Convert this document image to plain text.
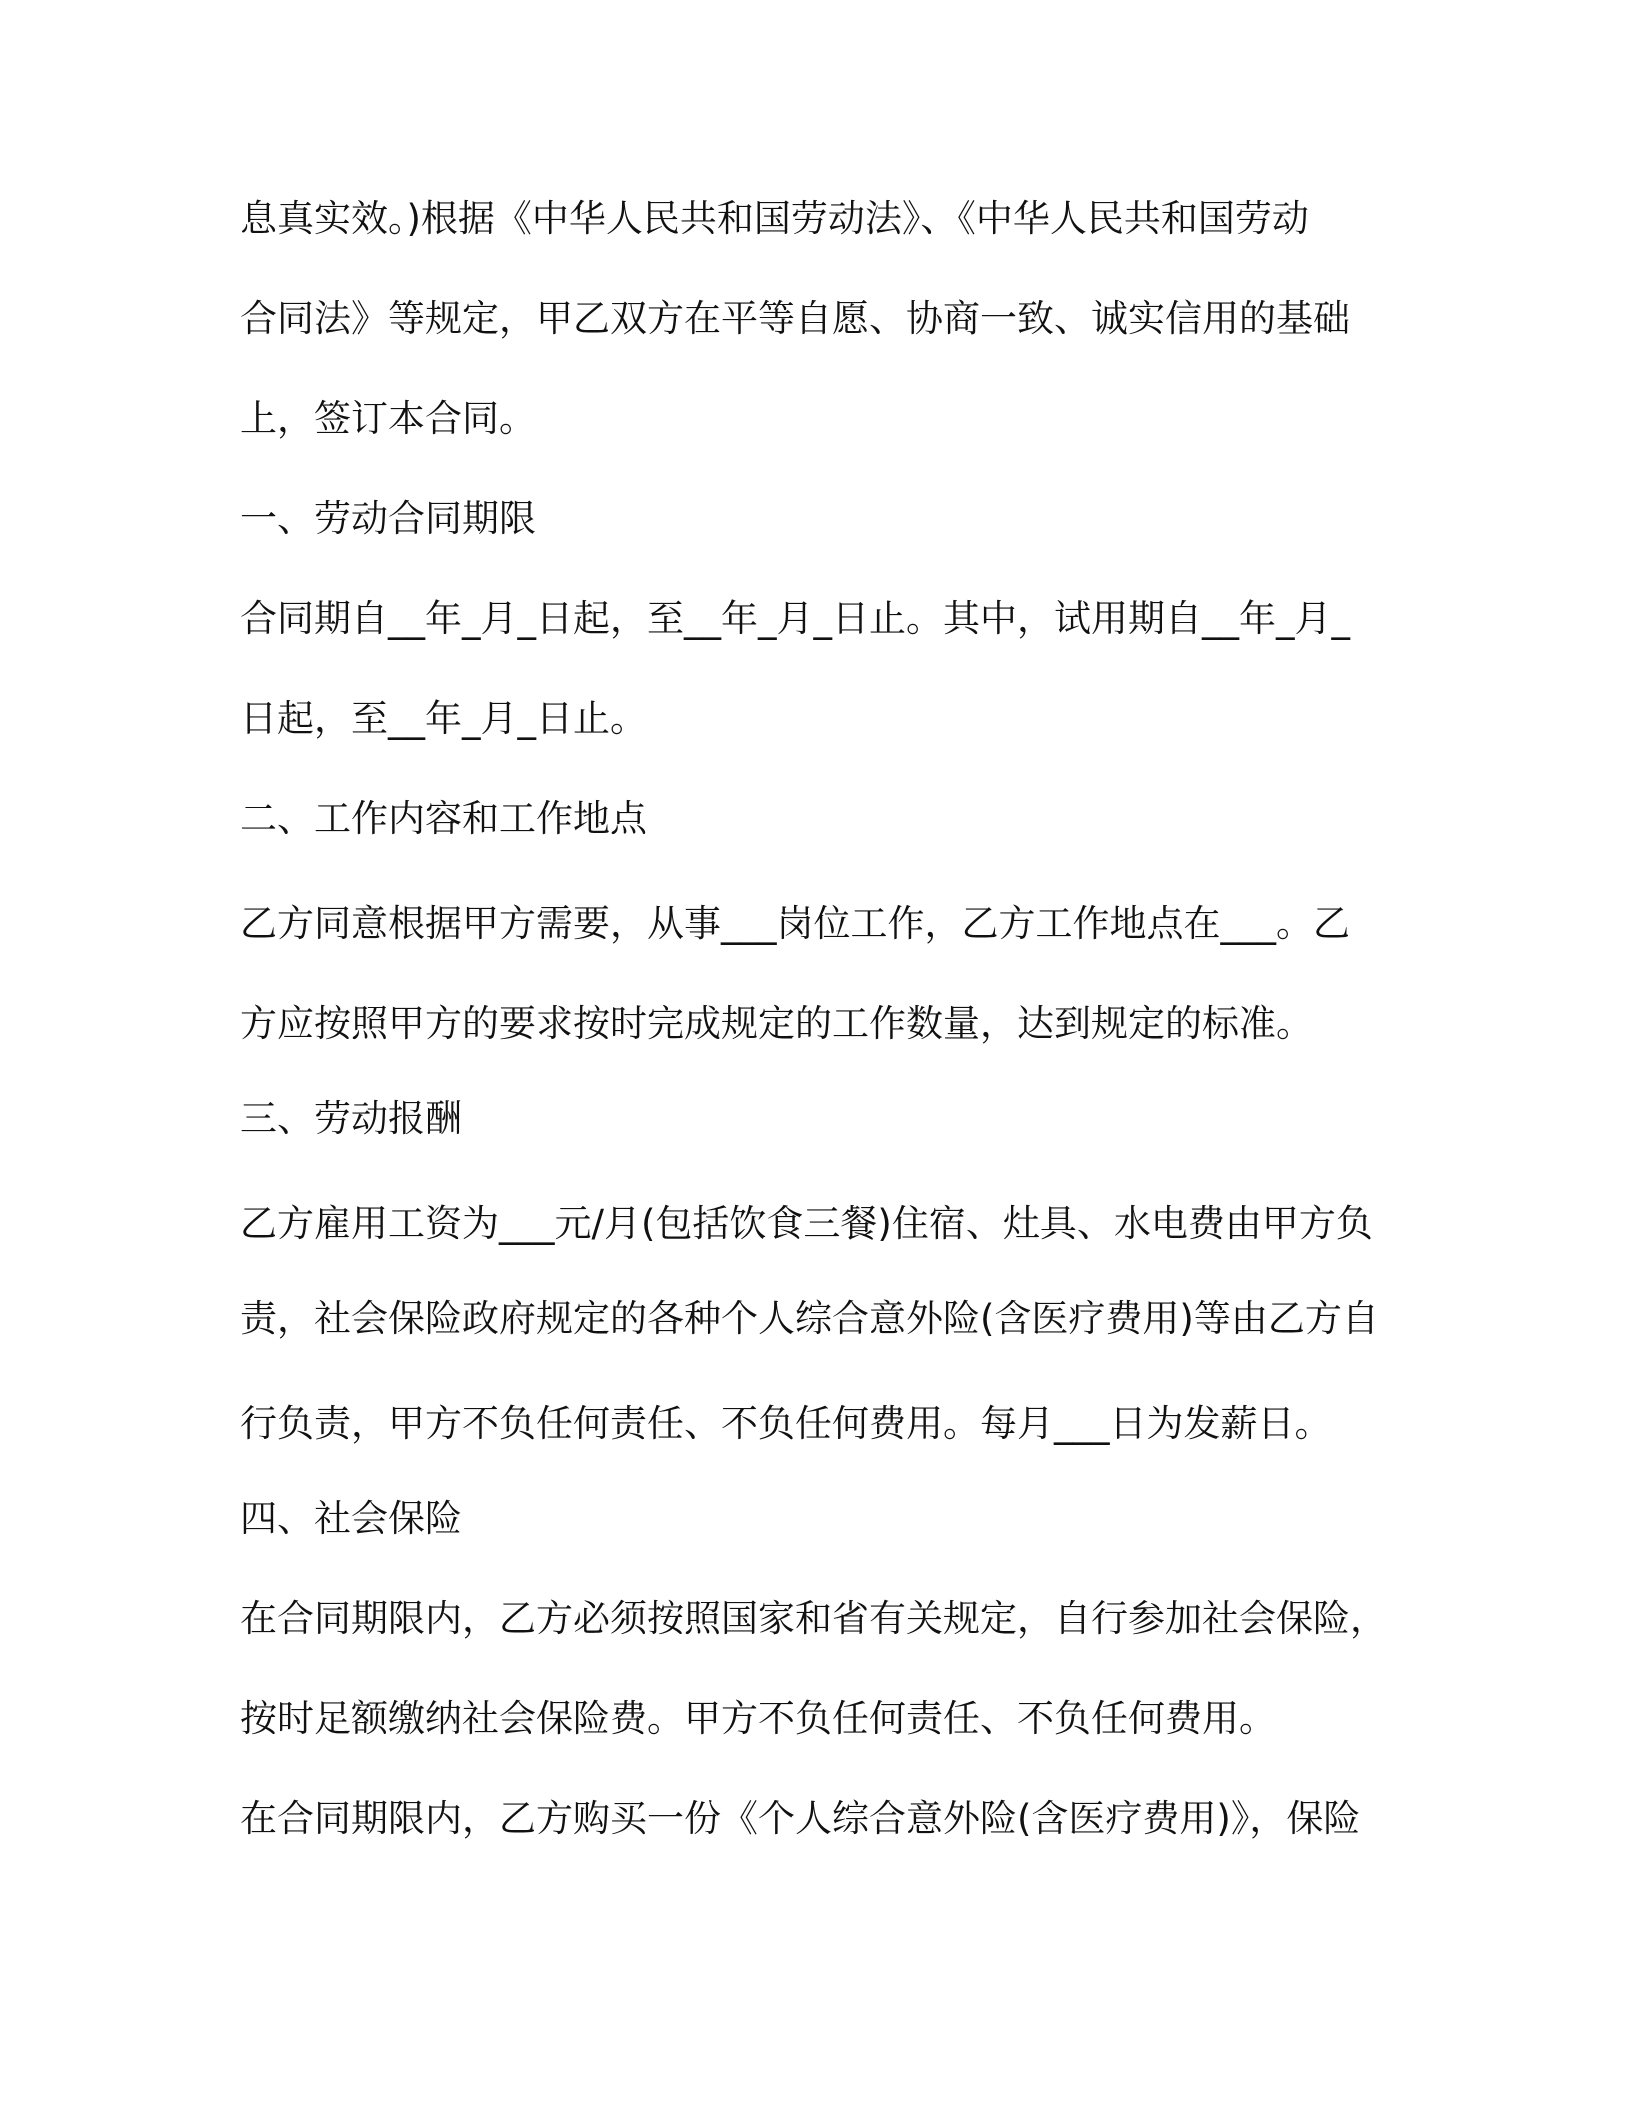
息真实效。)根据《中华人民共和国劳动法》、《中华人民共和国劳动
合同法》等规定，甲乙双方在平等自愿、协商一致、诚实信用的基础
上，签订本合同。
一、劳动合同期限
合同期自__年_月_日起，至__年_月_日止。其中，试用期自__年_月_
日起，至__年_月_日止。
二、工作内容和工作地点
乙方同意根据甲方需要，从事___岗位工作，乙方工作地点在___。乙
方应按照甲方的要求按时完成规定的工作数量，达到规定的标准。
三、劳动报酬
乙方雇用工资为___元/月(包括饮食三餐)住宿、灶具、水电费由甲方负
责，社会保险政府规定的各种个人综合意外险(含医疗费用)等由乙方自
行负责，甲方不负任何责任、不负任何费用。每月___日为发薪日。
四、社会保险
在合同期限内，乙方必须按照国家和省有关规定，自行参加社会保险，
按时足额缴纳社会保险费。甲方不负任何责任、不负任何费用。
在合同期限内，乙方购买一份《个人综合意外险(含医疗费用)》，保险
